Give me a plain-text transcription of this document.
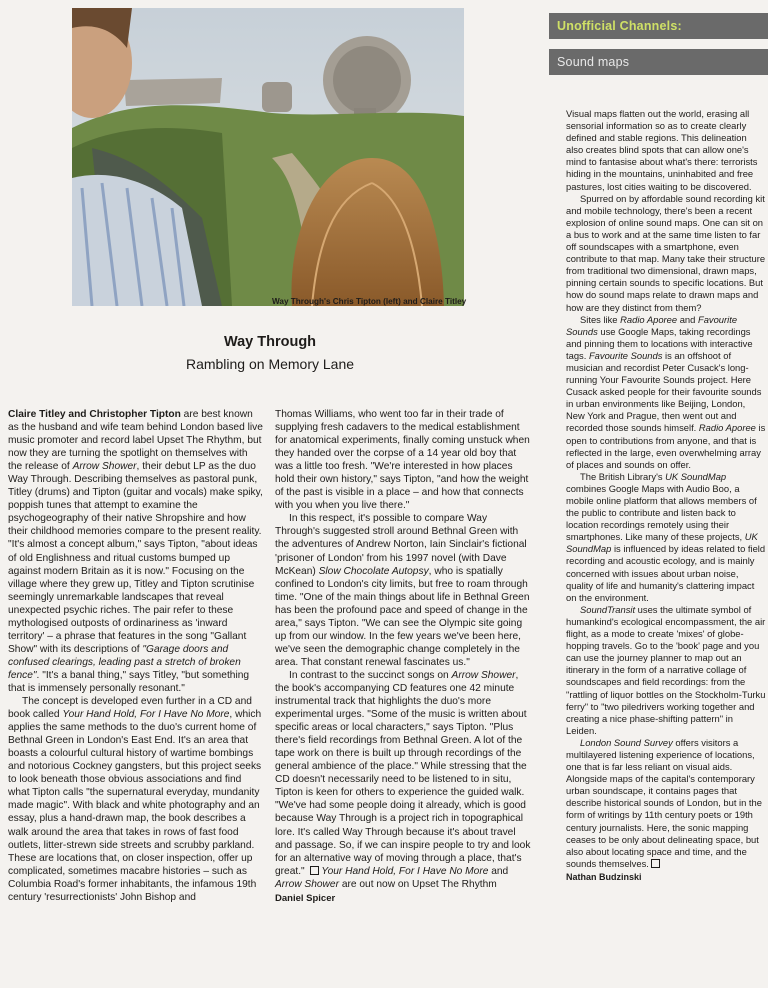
Way Through's Chris Tipton (left) and Claire Titley
Way Through
Rambling on Memory Lane

Claire Titley and Christopher Tipton are best known as the husband and wife team behind London based live music promoter and record label Upset The Rhythm, but now they are turning the spotlight on themselves with the release of Arrow Shower, their debut LP as the duo Way Through. Describing themselves as pastoral punk, Titley (drums) and Tipton (guitar and vocals) make spiky, poppish tunes that attempt to examine the psychogeography of their native Shropshire and how their childhood memories compare to the present reality. "It's almost a concept album," says Tipton, "about ideas of old Englishness and ritual customs bumped up against modern Britain as it is now." Focusing on the village where they grew up, Titley and Tipton scrutinise seemingly unremarkable landscapes that reveal unexpected psychic riches. The pair refer to these mythologised outposts of ordinariness as 'inward territory' – a phrase that features in the song "Gallant Show" with its descriptions of "Garage doors and confused clearings, leading past a stretch of broken fence". "It's a banal thing," says Titley, "but something that is immensely personally resonant."

The concept is developed even further in a CD and book called Your Hand Hold, For I Have No More, which applies the same methods to the duo's current home of Bethnal Green in London's East End. It's an area that boasts a colourful cultural history of wartime bombings and notorious Cockney gangsters, but this project seeks to look beneath those obvious associations and find what Tipton calls "the supernatural everyday, mundanity made magic". With black and white photography and an essay, plus a hand-drawn map, the book describes a walk around the area that takes in rows of fast food outlets, litter-strewn side streets and scrubby parkland. These are locations that, on closer inspection, offer up complicated, sometimes macabre histories – such as Columbia Road's former inhabitants, the infamous 19th century 'resurrectionists' John Bishop and

Thomas Williams, who went too far in their trade of supplying fresh cadavers to the medical establishment for anatomical experiments, finally coming unstuck when they handed over the corpse of a 14 year old boy that was a little too fresh. "We're interested in how places hold their own history," says Tipton, "and how the weight of the past is visible in a place – and how that connects with you when you live there."

In this respect, it's possible to compare Way Through's suggested stroll around Bethnal Green with the adventures of Andrew Norton, Iain Sinclair's fictional 'prisoner of London' from his 1997 novel (with Dave McKean) Slow Chocolate Autopsy, who is spatially confined to London's city limits, but free to roam through time. "One of the main things about life in Bethnal Green has been the profound pace and speed of change in the area," says Tipton. "We can see the Olympic site going up from our window. In the few years we've been here, we've seen the demographic change completely in the area. That constant renewal fascinates us."

In contrast to the succinct songs on Arrow Shower, the book's accompanying CD features one 42 minute instrumental track that highlights the duo's more experimental urges. "Some of the music is written about specific areas or local characters," says Tipton. "Plus there's field recordings from Bethnal Green. A lot of the tape work on there is built up through recordings of the general ambience of the place." While stressing that the CD doesn't necessarily need to be listened to in situ, Tipton is keen for others to experience the guided walk. "We've had some people doing it already, which is good because Way Through is a project rich in topographical lore. It's called Way Through because it's about travel and passage. So, if we can inspire people to try and look for an alternative way of moving through a place, that's great."  Your Hand Hold, For I Have No More and Arrow Shower are out now on Upset The Rhythm

Daniel Spicer
Unofficial Channels:
Sound maps

Visual maps flatten out the world, erasing all sensorial information so as to create clearly defined and stable regions. This delineation also creates blind spots that can allow one's mind to fantasise about what's there: terrorists hiding in the mountains, uninhabited and free pastures, lost cities waiting to be discovered.

Spurred on by affordable sound recording kit and mobile technology, there's been a recent explosion of online sound maps. One can sit on a bus to work and at the same time listen to far off soundscapes with a smartphone, even contribute to that map. Many take their structure from traditional two dimensional, drawn maps, pinning certain sounds to specific locations. But how do sound maps relate to drawn maps and how are they distinct from them?

Sites like Radio Aporee and Favourite Sounds use Google Maps, taking recordings and pinning them to locations with interactive tags. Favourite Sounds is an offshoot of musician and recordist Peter Cusack's long-running Your Favourite Sounds project. Here Cusack asked people for their favourite sounds in urban environments like Beijing, London, New York and Prague, then went out and recorded those sounds himself. Radio Aporee is open to contributions from anyone, and that is reflected in the large, even overwhelming array of places and sounds on offer.

The British Library's UK SoundMap combines Google Maps with Audio Boo, a mobile online platform that allows members of the public to contribute and listen back to location recordings remotely using their smartphones. Like many of these projects, UK SoundMap is influenced by ideas related to field recording and acoustic ecology, and is mainly concerned with issues about urban noise, quality of life and humanity's clattering impact on the environment.

SoundTransit uses the ultimate symbol of humankind's ecological encompassment, the air flight, as a mode to create 'mixes' of globe-hopping travels. Go to the 'book' page and you can use the journey planner to map out an itinerary in the form of a narrative collage of soundscapes and field recordings: from the "rattling of liquor bottles on the Stockholm-Turku ferry" to "two piledrivers working together and creating a nice phase-shifting pattern" in Leiden.

London Sound Survey offers visitors a multilayered listening experience of locations, one that is far less reliant on visual aids. Alongside maps of the capital's contemporary urban soundscape, it contains pages that describe historical sounds of London, but in the form of writings by 11th century poets or 19th century journalists. Here, the sonic mapping ceases to be only about delineating space, but also about locating space and time, and the sounds themselves.

Nathan Budzinski
